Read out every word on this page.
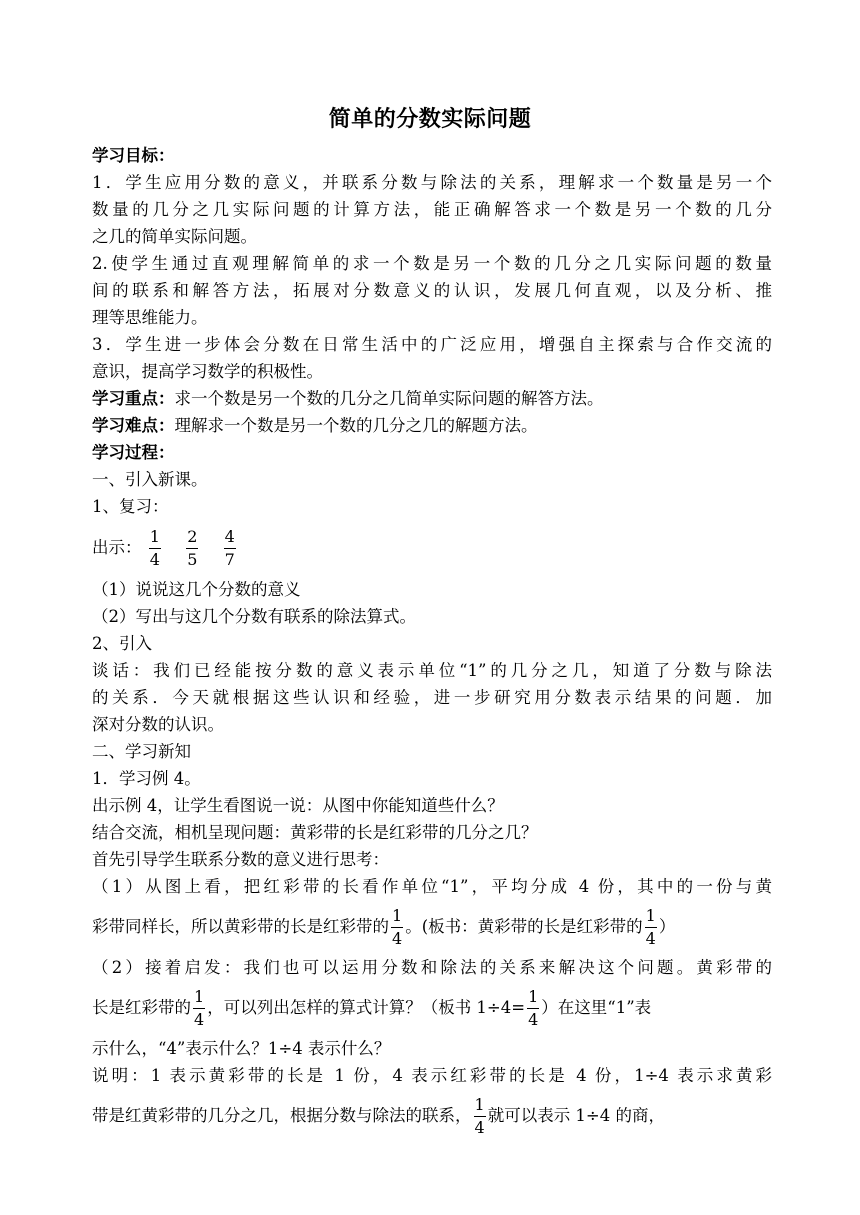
简单的分数实际问题
学习目标：
1．学生应用分数的意义，并联系分数与除法的关系，理解求一个数量是另一个
数量的几分之几实际问题的计算方法，能正确解答求一个数是另一个数的几分
之几的简单实际问题。
2.使学生通过直观理解简单的求一个数是另一个数的几分之几实际问题的数量
间的联系和解答方法，拓展对分数意义的认识，发展几何直观，以及分析、推
理等思维能力。
3．学生进一步体会分数在日常生活中的广泛应用，增强自主探索与合作交流的
意识，提高学习数学的积极性。
学习重点：求一个数是另一个数的几分之几简单实际问题的解答方法。
学习难点：理解求一个数是另一个数的几分之几的解题方法。
学习过程：
一、引入新课。
1、复习：
出示： $\frac{1}{4}$
$\frac{2}{5}$
$\frac{4}{7}$
（1）说说这几个分数的意义
（2）写出与这几个分数有联系的除法算式。
2、引入
谈话：我们已经能按分数的意义表示单位“1”的几分之几，知道了分数与除法
的关系．今天就根据这些认识和经验，进一步研究用分数表示结果的问题．加
深对分数的认识。
二、学习新知
1．学习例 4。
出示例 4，让学生看图说一说：从图中你能知道些什么？
结合交流，相机呈现问题：黄彩带的长是红彩带的几分之几？
首先引导学生联系分数的意义进行思考：
（1）从图上看，把红彩带的长看作单位“1”，平均分成 4 份，其中的一份与黄
彩带同样长，所以黄彩带的长是红彩带的 $\frac{1}{4}$ 。(板书：黄彩带的长是红彩带的 $\frac{1}{4}$ ）
（2）接着启发：我们也可以运用分数和除法的关系来解决这个问题。黄彩带的
长是红彩带的 $\frac{1}{4}$ ，可以列出怎样的算式计算？（板书 $1\div 4= \frac{1}{4}$ ）在这里“1”表
示什么，“4”表示什么？1÷4 表示什么？
说明：1 表示黄彩带的长是 1 份，4 表示红彩带的长是 4 份，1÷4 表示求黄彩
带是红黄彩带的几分之几，根据分数与除法的联系， $\frac{1}{4}$ 就可以表示 1÷4 的商，
